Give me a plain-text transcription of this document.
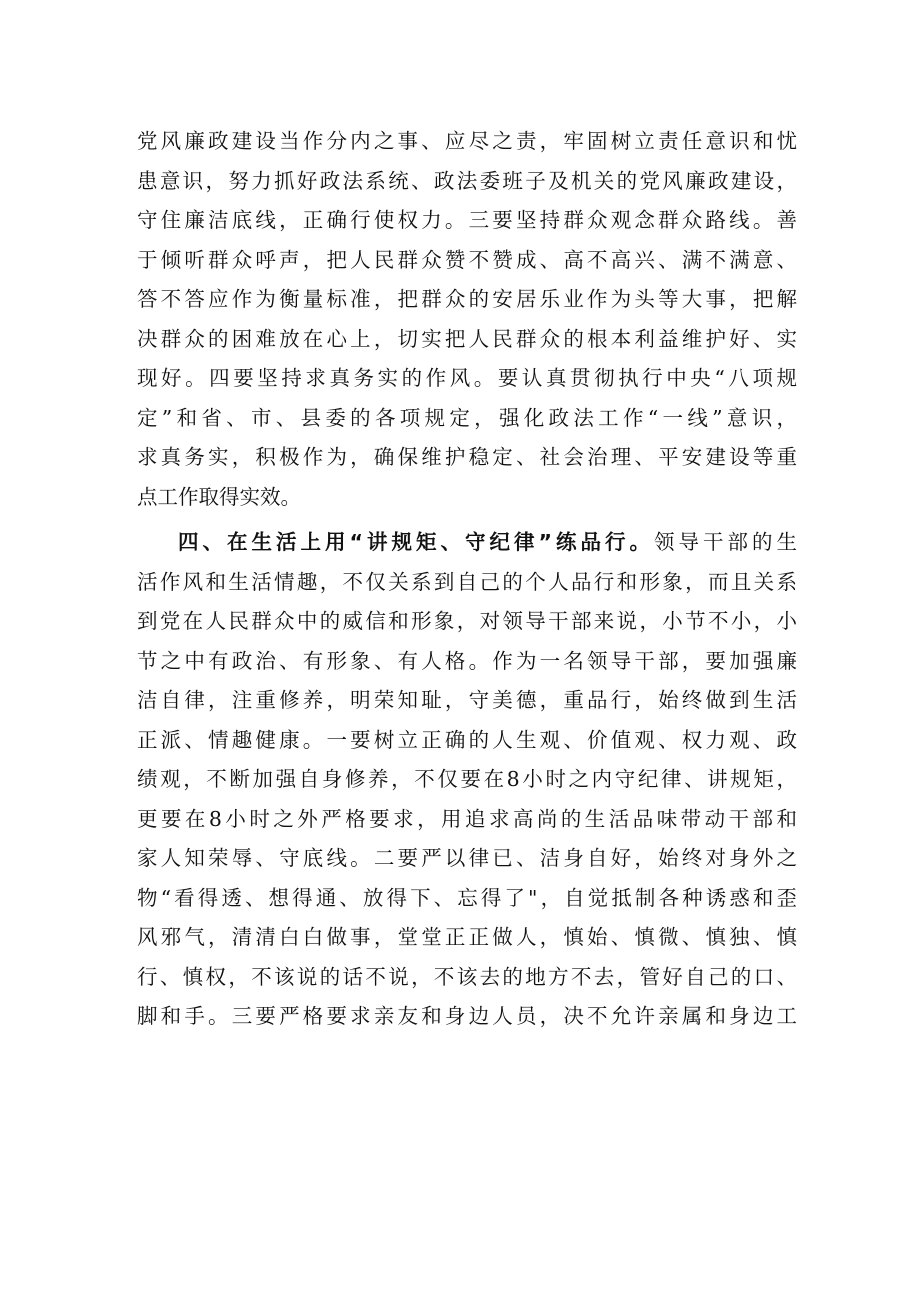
党风廉政建设当作分内之事、应尽之责，牢固树立责任意识和忧
患意识，努力抓好政法系统、政法委班子及机关的党风廉政建设，
守住廉洁底线，正确行使权力。三要坚持群众观念群众路线。善
于倾听群众呼声，把人民群众赞不赞成、高不高兴、满不满意、
答不答应作为衡量标准，把群众的安居乐业作为头等大事，把解
决群众的困难放在心上，切实把人民群众的根本利益维护好、实
现好。四要坚持求真务实的作风。要认真贯彻执行中央“八项规
定”和省、市、县委的各项规定，强化政法工作“一线”意识，
求真务实，积极作为，确保维护稳定、社会治理、平安建设等重
点工作取得实效。
四、在生活上用“讲规矩、守纪律”练品行。领导干部的生
活作风和生活情趣，不仅关系到自己的个人品行和形象，而且关系
到党在人民群众中的威信和形象，对领导干部来说，小节不小，小
节之中有政治、有形象、有人格。作为一名领导干部，要加强廉
洁自律，注重修养，明荣知耻，守美德，重品行，始终做到生活
正派、情趣健康。一要树立正确的人生观、价值观、权力观、政
绩观，不断加强自身修养，不仅要在8小时之内守纪律、讲规矩，
更要在8小时之外严格要求，用追求高尚的生活品味带动干部和
家人知荣辱、守底线。二要严以律已、洁身自好，始终对身外之
物“看得透、想得通、放得下、忘得了"，自觉抵制各种诱惑和歪
风邪气，清清白白做事，堂堂正正做人，慎始、慎微、慎独、慎
行、慎权，不该说的话不说，不该去的地方不去，管好自己的口、
脚和手。三要严格要求亲友和身边人员，决不允许亲属和身边工
